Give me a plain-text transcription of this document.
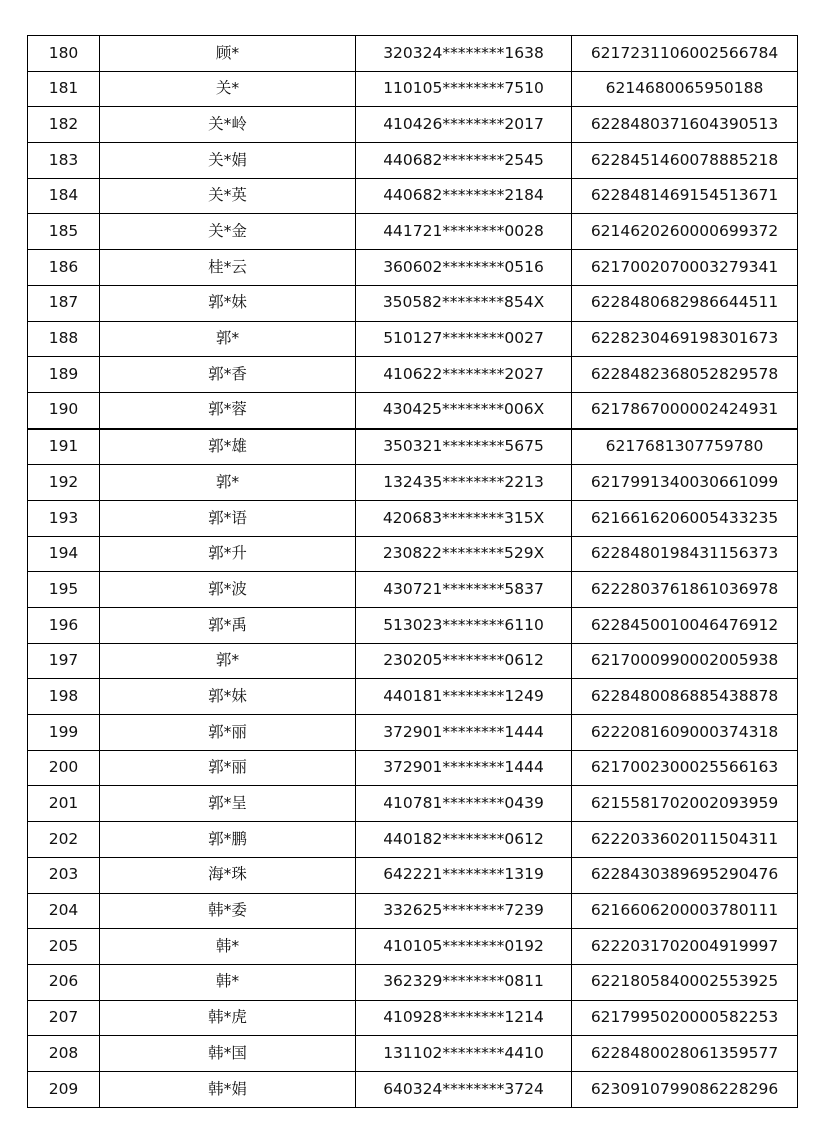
180	顾*	320324********1638	6217231106002566784
181	关*	110105********7510	6214680065950188
182	关*岭	410426********2017	6228480371604390513
183	关*娟	440682********2545	6228451460078885218
184	关*英	440682********2184	6228481469154513671
185	关*金	441721********0028	6214620260000699372
186	桂*云	360602********0516	6217002070003279341
187	郭*妹	350582********854X	6228480682986644511
188	郭*	510127********0027	6228230469198301673
189	郭*香	410622********2027	6228482368052829578
190	郭*蓉	430425********006X	6217867000002424931
191	郭*雄	350321********5675	6217681307759780
192	郭*	132435********2213	6217991340030661099
193	郭*语	420683********315X	6216616206005433235
194	郭*升	230822********529X	6228480198431156373
195	郭*波	430721********5837	6222803761861036978
196	郭*禹	513023********6110	6228450010046476912
197	郭*	230205********0612	6217000990002005938
198	郭*妹	440181********1249	6228480086885438878
199	郭*丽	372901********1444	6222081609000374318
200	郭*丽	372901********1444	6217002300025566163
201	郭*呈	410781********0439	6215581702002093959
202	郭*鹏	440182********0612	6222033602011504311
203	海*珠	642221********1319	6228430389695290476
204	韩*委	332625********7239	6216606200003780111
205	韩*	410105********0192	6222031702004919997
206	韩*	362329********0811	6221805840002553925
207	韩*虎	410928********1214	6217995020000582253
208	韩*国	131102********4410	6228480028061359577
209	韩*娟	640324********3724	6230910799086228296
